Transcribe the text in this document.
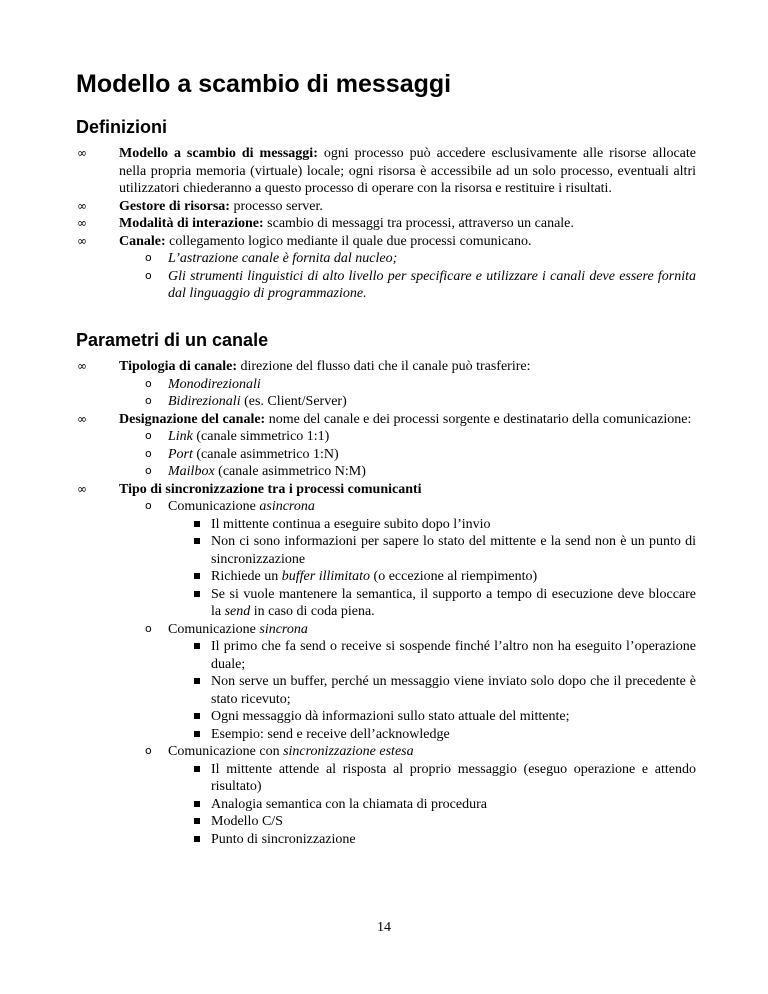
Modello a scambio di messaggi
Definizioni
∞ Modello a scambio di messaggi: ogni processo può accedere esclusivamente alle risorse allocate nella propria memoria (virtuale) locale; ogni risorsa è accessibile ad un solo processo, eventuali altri utilizzatori chiederanno a questo processo di operare con la risorsa e restituire i risultati.
∞ Gestore di risorsa: processo server.
∞ Modalità di interazione: scambio di messaggi tra processi, attraverso un canale.
∞ Canale: collegamento logico mediante il quale due processi comunicano.
o L’astrazione canale è fornita dal nucleo;
o Gli strumenti linguistici di alto livello per specificare e utilizzare i canali deve essere fornita dal linguaggio di programmazione.
Parametri di un canale
∞ Tipologia di canale: direzione del flusso dati che il canale può trasferire:
o Monodirezionali
o Bidirezionali (es. Client/Server)
∞ Designazione del canale: nome del canale e dei processi sorgente e destinatario della comunicazione:
o Link (canale simmetrico 1:1)
o Port (canale asimmetrico 1:N)
o Mailbox (canale asimmetrico N:M)
∞ Tipo di sincronizzazione tra i processi comunicanti
o Comunicazione asincrona
Il mittente continua a eseguire subito dopo l’invio
Non ci sono informazioni per sapere lo stato del mittente e la send non è un punto di sincronizzazione
Richiede un buffer illimitato (o eccezione al riempimento)
Se si vuole mantenere la semantica, il supporto a tempo di esecuzione deve bloccare la send in caso di coda piena.
o Comunicazione sincrona
Il primo che fa send o receive si sospende finché l’altro non ha eseguito l’operazione duale;
Non serve un buffer, perché un messaggio viene inviato solo dopo che il precedente è stato ricevuto;
Ogni messaggio dà informazioni sullo stato attuale del mittente;
Esempio: send e receive dell’acknowledge
o Comunicazione con sincronizzazione estesa
Il mittente attende al risposta al proprio messaggio (eseguo operazione e attendo risultato)
Analogia semantica con la chiamata di procedura
Modello C/S
Punto di sincronizzazione
14
